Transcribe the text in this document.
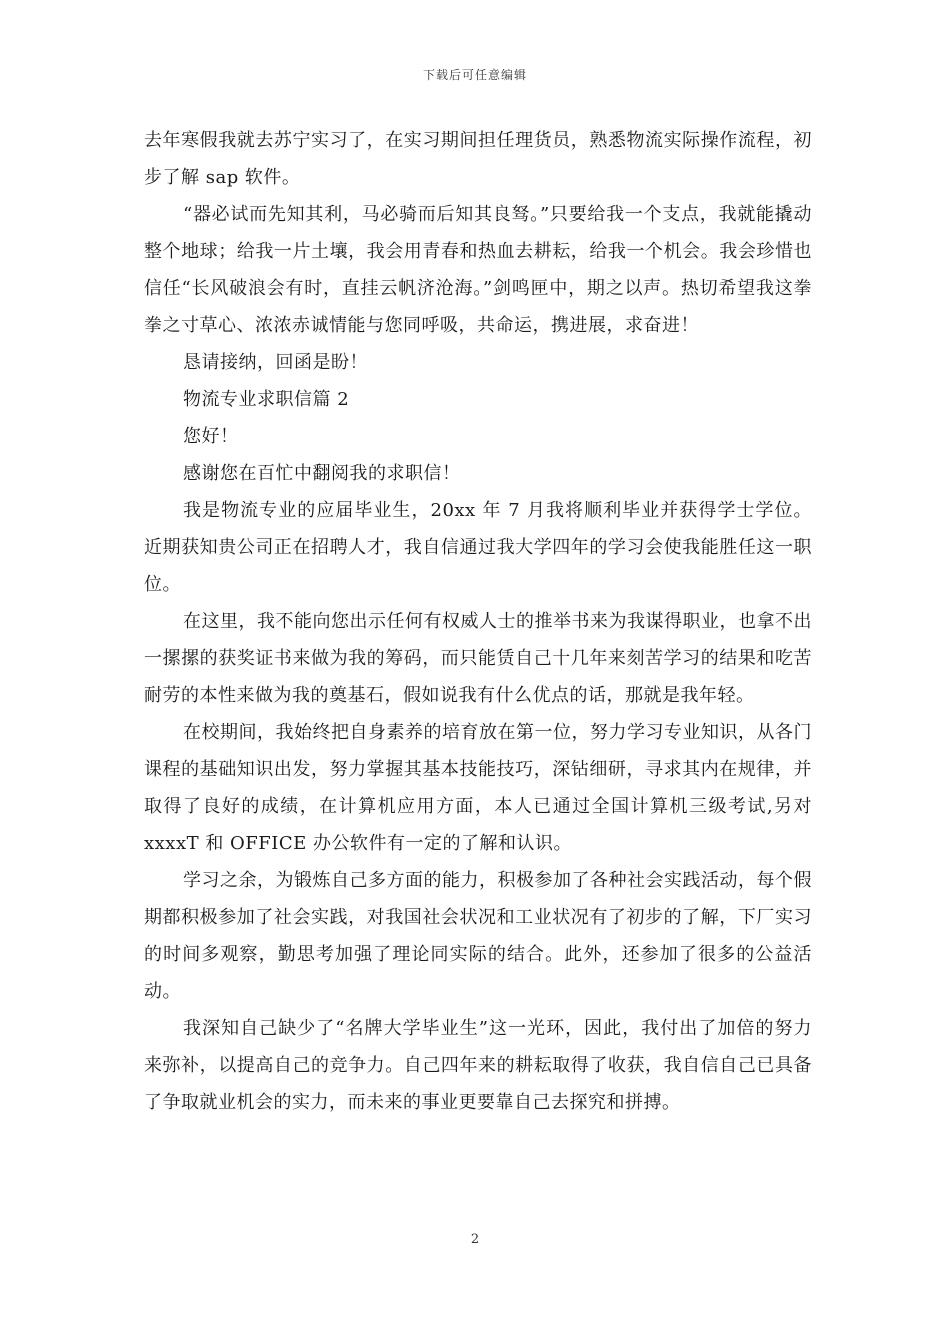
下载后可任意编辑

去年寒假我就去苏宁实习了，在实习期间担任理货员，熟悉物流实际操作流程，初步了解 sap 软件。

“器必试而先知其利，马必骑而后知其良驽。”只要给我一个支点，我就能撬动整个地球；给我一片土壤，我会用青春和热血去耕耘，给我一个机会。我会珍惜也信任“长风破浪会有时，直挂云帆济沧海。”剑鸣匣中，期之以声。热切希望我这拳拳之寸草心、浓浓赤诚情能与您同呼吸，共命运，携进展，求奋进！

恳请接纳，回函是盼！

物流专业求职信篇 2

您好！

感谢您在百忙中翻阅我的求职信！

我是物流专业的应届毕业生，20xx 年 7 月我将顺利毕业并获得学士学位。近期获知贵公司正在招聘人才，我自信通过我大学四年的学习会使我能胜任这一职位。

在这里，我不能向您出示任何有权威人士的推举书来为我谋得职业，也拿不出一摞摞的获奖证书来做为我的筹码，而只能赁自己十几年来刻苦学习的结果和吃苦耐劳的本性来做为我的奠基石，假如说我有什么优点的话，那就是我年轻。

在校期间，我始终把自身素养的培育放在第一位，努力学习专业知识，从各门课程的基础知识出发，努力掌握其基本技能技巧，深钻细研，寻求其内在规律，并取得了良好的成绩，在计算机应用方面，本人已通过全国计算机三级考试,另对 xxxxT 和 OFFICE 办公软件有一定的了解和认识。

学习之余，为锻炼自己多方面的能力，积极参加了各种社会实践活动，每个假期都积极参加了社会实践，对我国社会状况和工业状况有了初步的了解，下厂实习的时间多观察，勤思考加强了理论同实际的结合。此外，还参加了很多的公益活动。

我深知自己缺少了“名牌大学毕业生”这一光环，因此，我付出了加倍的努力来弥补，以提高自己的竞争力。自己四年来的耕耘取得了收获，我自信自己已具备了争取就业机会的实力，而未来的事业更要靠自己去探究和拼搏。

2
